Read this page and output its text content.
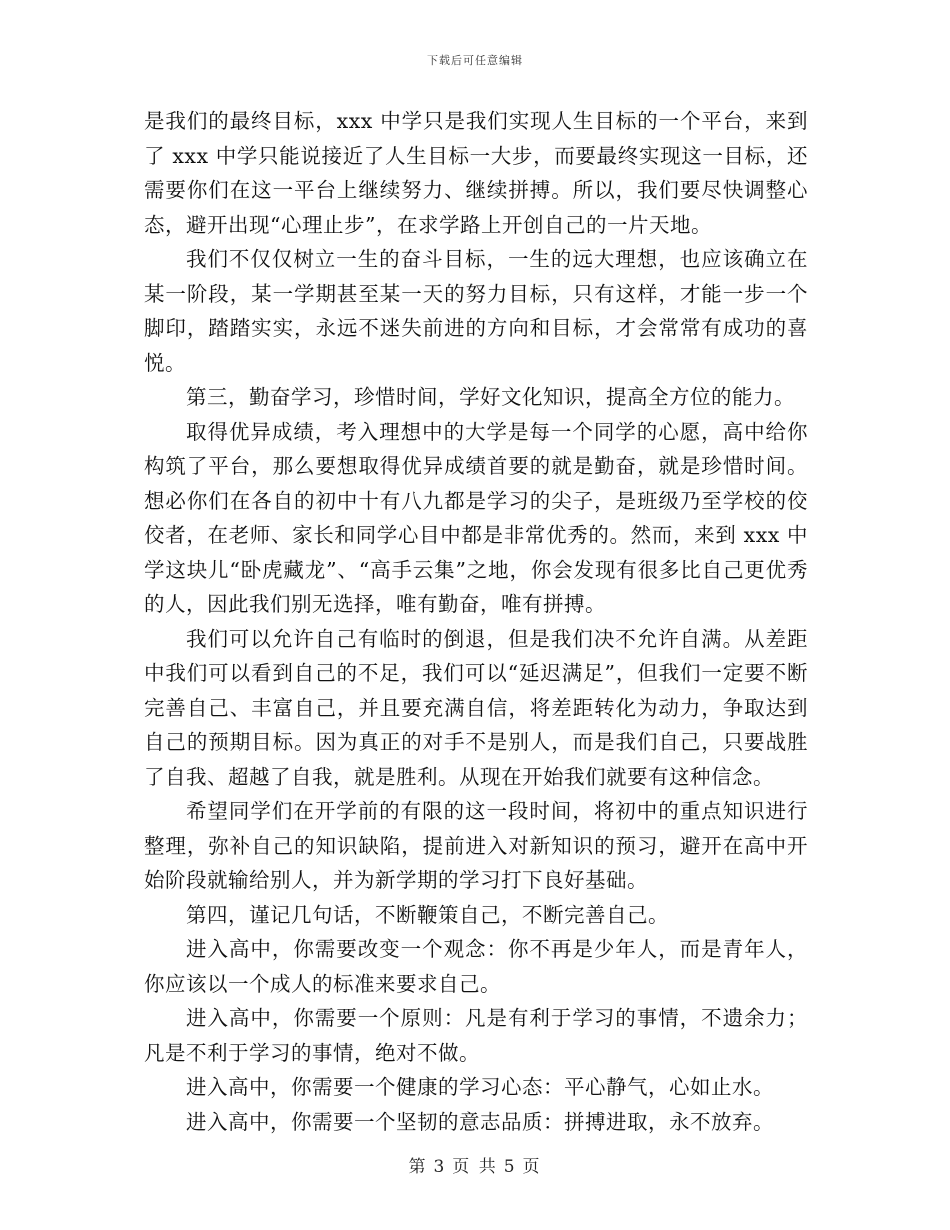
下载后可任意编辑

是我们的最终目标，xxx 中学只是我们实现人生目标的一个平台，来到了 xxx 中学只能说接近了人生目标一大步，而要最终实现这一目标，还需要你们在这一平台上继续努力、继续拼搏。所以，我们要尽快调整心态，避开出现“心理止步”，在求学路上开创自己的一片天地。

我们不仅仅树立一生的奋斗目标，一生的远大理想，也应该确立在某一阶段，某一学期甚至某一天的努力目标，只有这样，才能一步一个脚印，踏踏实实，永远不迷失前进的方向和目标，才会常常有成功的喜悦。

第三，勤奋学习，珍惜时间，学好文化知识，提高全方位的能力。

取得优异成绩，考入理想中的大学是每一个同学的心愿，高中给你构筑了平台，那么要想取得优异成绩首要的就是勤奋，就是珍惜时间。想必你们在各自的初中十有八九都是学习的尖子，是班级乃至学校的佼佼者，在老师、家长和同学心目中都是非常优秀的。然而，来到 xxx 中学这块儿“卧虎藏龙”、“高手云集”之地，你会发现有很多比自己更优秀的人，因此我们别无选择，唯有勤奋，唯有拼搏。

我们可以允许自己有临时的倒退，但是我们决不允许自满。从差距中我们可以看到自己的不足，我们可以“延迟满足”，但我们一定要不断完善自己、丰富自己，并且要充满自信，将差距转化为动力，争取达到自己的预期目标。因为真正的对手不是别人，而是我们自己，只要战胜了自我、超越了自我，就是胜利。从现在开始我们就要有这种信念。

希望同学们在开学前的有限的这一段时间，将初中的重点知识进行整理，弥补自己的知识缺陷，提前进入对新知识的预习，避开在高中开始阶段就输给别人，并为新学期的学习打下良好基础。

第四，谨记几句话，不断鞭策自己，不断完善自己。

进入高中，你需要改变一个观念：你不再是少年人，而是青年人，你应该以一个成人的标准来要求自己。

进入高中，你需要一个原则：凡是有利于学习的事情，不遗余力；凡是不利于学习的事情，绝对不做。

进入高中，你需要一个健康的学习心态：平心静气，心如止水。

进入高中，你需要一个坚韧的意志品质：拼搏进取，永不放弃。

第 3 页 共 5 页
